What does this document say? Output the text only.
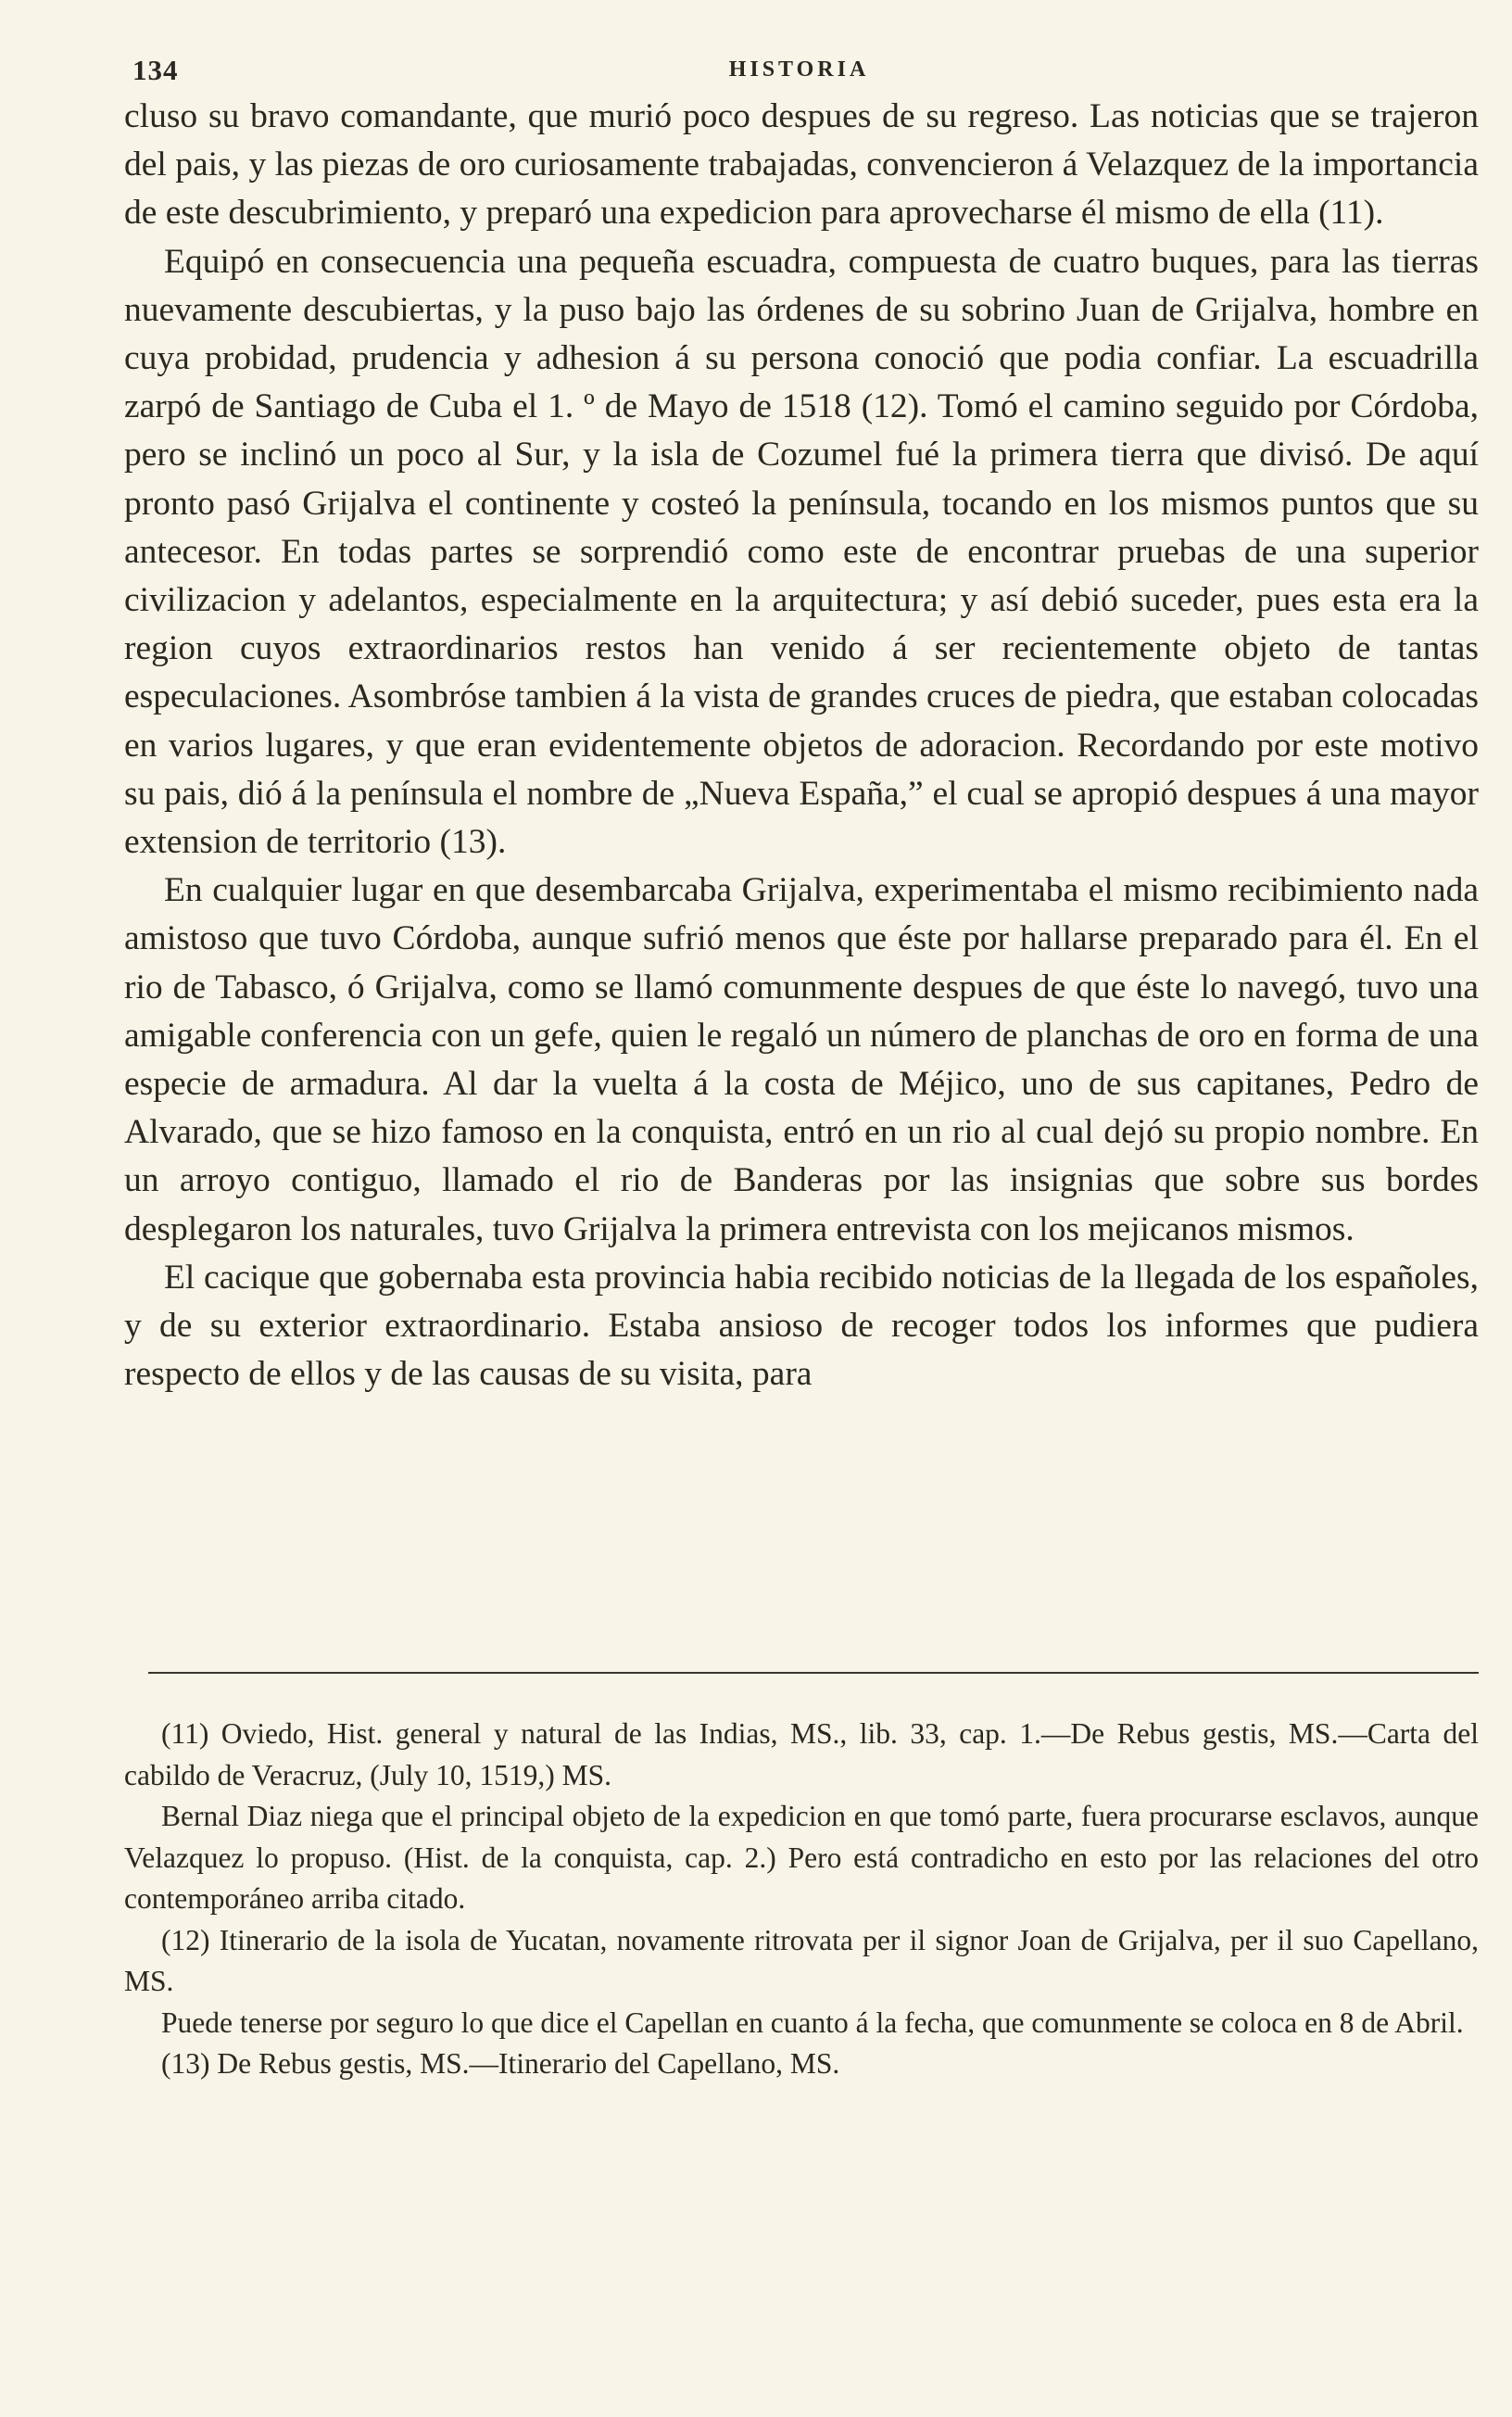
134	HISTORIA

cluso su bravo comandante, que murió poco despues de su regreso. Las noticias que se trajeron del pais, y las piezas de oro curiosamente trabajadas, convencieron á Velazquez de la importancia de este descubrimiento, y preparó una expedicion para aprovecharse él mismo de ella (11).

Equipó en consecuencia una pequeña escuadra, compuesta de cuatro buques, para las tierras nuevamente descubiertas, y la puso bajo las órdenes de su sobrino Juan de Grijalva, hombre en cuya probidad, prudencia y adhesion á su persona conoció que podia confiar. La escuadrilla zarpó de Santiago de Cuba el 1. º de Mayo de 1518 (12). Tomó el camino seguido por Córdoba, pero se inclinó un poco al Sur, y la isla de Cozumel fué la primera tierra que divisó. De aquí pronto pasó Grijalva el continente y costeó la península, tocando en los mismos puntos que su antecesor. En todas partes se sorprendió como este de encontrar pruebas de una superior civilizacion y adelantos, especialmente en la arquitectura; y así debió suceder, pues esta era la region cuyos extraordinarios restos han venido á ser recientemente objeto de tantas especulaciones. Asombróse tambien á la vista de grandes cruces de piedra, que estaban colocadas en varios lugares, y que eran evidentemente objetos de adoracion. Recordando por este motivo su pais, dió á la península el nombre de „Nueva España,” el cual se apropió despues á una mayor extension de territorio (13).

En cualquier lugar en que desembarcaba Grijalva, experimentaba el mismo recibimiento nada amistoso que tuvo Córdoba, aunque sufrió menos que éste por hallarse preparado para él. En el rio de Tabasco, ó Grijalva, como se llamó comunmente despues de que éste lo navegó, tuvo una amigable conferencia con un gefe, quien le regaló un número de planchas de oro en forma de una especie de armadura. Al dar la vuelta á la costa de Méjico, uno de sus capitanes, Pedro de Alvarado, que se hizo famoso en la conquista, entró en un rio al cual dejó su propio nombre. En un arroyo contiguo, llamado el rio de Banderas por las insignias que sobre sus bordes desplegaron los naturales, tuvo Grijalva la primera entrevista con los mejicanos mismos.

El cacique que gobernaba esta provincia habia recibido noticias de la llegada de los españoles, y de su exterior extraordinario. Estaba ansioso de recoger todos los informes que pudiera respecto de ellos y de las causas de su visita, para

(11) Oviedo, Hist. general y natural de las Indias, MS., lib. 33, cap. 1.—De Rebus gestis, MS.—Carta del cabildo de Veracruz, (July 10, 1519,) MS.

Bernal Diaz niega que el principal objeto de la expedicion en que tomó parte, fuera procurarse esclavos, aunque Velazquez lo propuso. (Hist. de la conquista, cap. 2.) Pero está contradicho en esto por las relaciones del otro contemporáneo arriba citado.

(12) Itinerario de la isola de Yucatan, novamente ritrovata per il signor Joan de Grijalva, per il suo Capellano, MS.

Puede tenerse por seguro lo que dice el Capellan en cuanto á la fecha, que comunmente se coloca en 8 de Abril.

(13) De Rebus gestis, MS.—Itinerario del Capellano, MS.
